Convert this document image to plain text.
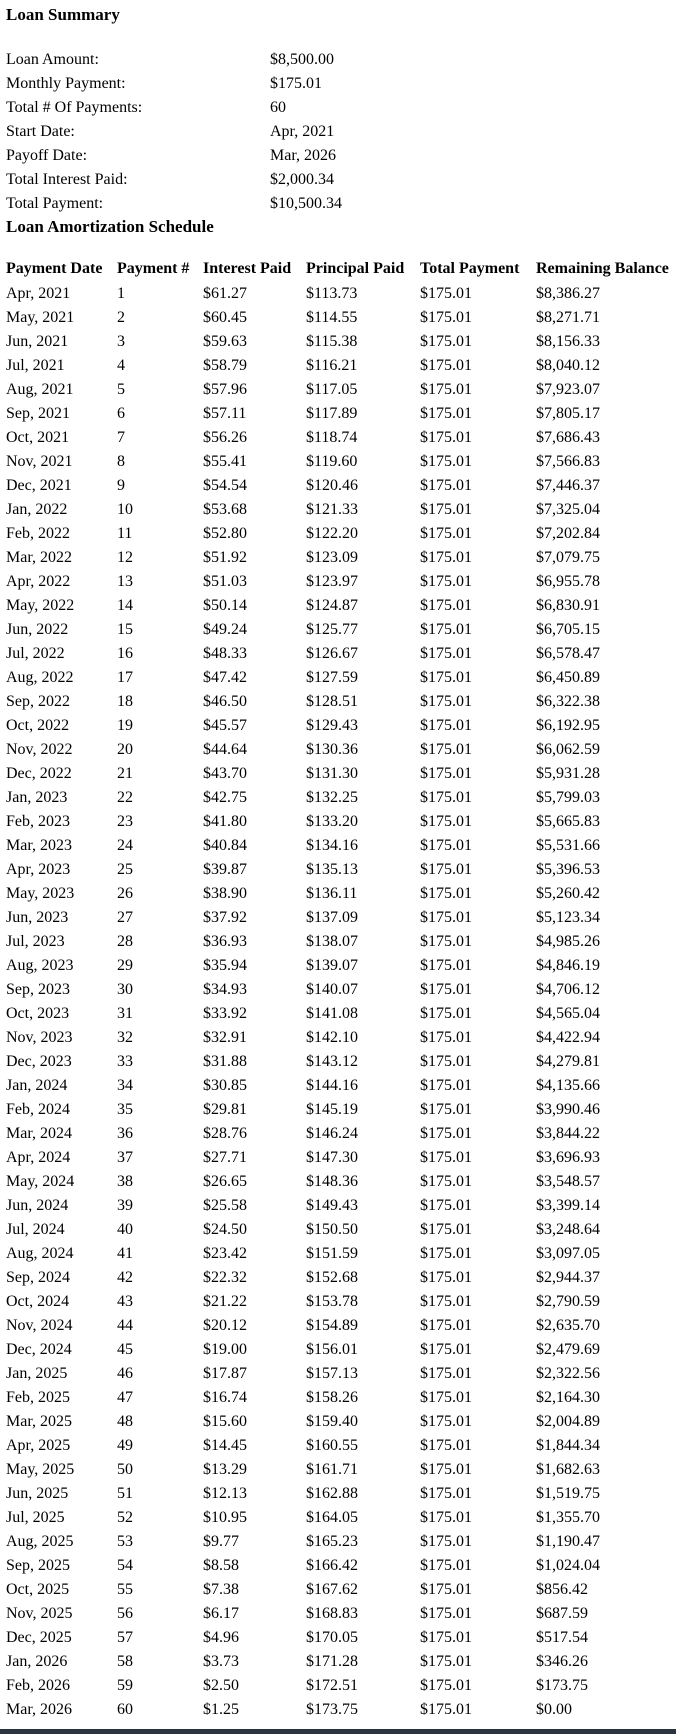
Loan Summary
Loan Amount:	$8,500.00
Monthly Payment:	$175.01
Total # Of Payments:	60
Start Date:	Apr, 2021
Payoff Date:	Mar, 2026
Total Interest Paid:	$2,000.34
Total Payment:	$10,500.34
Loan Amortization Schedule
Payment Date	Payment #	Interest Paid	Principal Paid	Total Payment	Remaining Balance
Apr, 2021	1	$61.27	$113.73	$175.01	$8,386.27
May, 2021	2	$60.45	$114.55	$175.01	$8,271.71
Jun, 2021	3	$59.63	$115.38	$175.01	$8,156.33
Jul, 2021	4	$58.79	$116.21	$175.01	$8,040.12
Aug, 2021	5	$57.96	$117.05	$175.01	$7,923.07
Sep, 2021	6	$57.11	$117.89	$175.01	$7,805.17
Oct, 2021	7	$56.26	$118.74	$175.01	$7,686.43
Nov, 2021	8	$55.41	$119.60	$175.01	$7,566.83
Dec, 2021	9	$54.54	$120.46	$175.01	$7,446.37
Jan, 2022	10	$53.68	$121.33	$175.01	$7,325.04
Feb, 2022	11	$52.80	$122.20	$175.01	$7,202.84
Mar, 2022	12	$51.92	$123.09	$175.01	$7,079.75
Apr, 2022	13	$51.03	$123.97	$175.01	$6,955.78
May, 2022	14	$50.14	$124.87	$175.01	$6,830.91
Jun, 2022	15	$49.24	$125.77	$175.01	$6,705.15
Jul, 2022	16	$48.33	$126.67	$175.01	$6,578.47
Aug, 2022	17	$47.42	$127.59	$175.01	$6,450.89
Sep, 2022	18	$46.50	$128.51	$175.01	$6,322.38
Oct, 2022	19	$45.57	$129.43	$175.01	$6,192.95
Nov, 2022	20	$44.64	$130.36	$175.01	$6,062.59
Dec, 2022	21	$43.70	$131.30	$175.01	$5,931.28
Jan, 2023	22	$42.75	$132.25	$175.01	$5,799.03
Feb, 2023	23	$41.80	$133.20	$175.01	$5,665.83
Mar, 2023	24	$40.84	$134.16	$175.01	$5,531.66
Apr, 2023	25	$39.87	$135.13	$175.01	$5,396.53
May, 2023	26	$38.90	$136.11	$175.01	$5,260.42
Jun, 2023	27	$37.92	$137.09	$175.01	$5,123.34
Jul, 2023	28	$36.93	$138.07	$175.01	$4,985.26
Aug, 2023	29	$35.94	$139.07	$175.01	$4,846.19
Sep, 2023	30	$34.93	$140.07	$175.01	$4,706.12
Oct, 2023	31	$33.92	$141.08	$175.01	$4,565.04
Nov, 2023	32	$32.91	$142.10	$175.01	$4,422.94
Dec, 2023	33	$31.88	$143.12	$175.01	$4,279.81
Jan, 2024	34	$30.85	$144.16	$175.01	$4,135.66
Feb, 2024	35	$29.81	$145.19	$175.01	$3,990.46
Mar, 2024	36	$28.76	$146.24	$175.01	$3,844.22
Apr, 2024	37	$27.71	$147.30	$175.01	$3,696.93
May, 2024	38	$26.65	$148.36	$175.01	$3,548.57
Jun, 2024	39	$25.58	$149.43	$175.01	$3,399.14
Jul, 2024	40	$24.50	$150.50	$175.01	$3,248.64
Aug, 2024	41	$23.42	$151.59	$175.01	$3,097.05
Sep, 2024	42	$22.32	$152.68	$175.01	$2,944.37
Oct, 2024	43	$21.22	$153.78	$175.01	$2,790.59
Nov, 2024	44	$20.12	$154.89	$175.01	$2,635.70
Dec, 2024	45	$19.00	$156.01	$175.01	$2,479.69
Jan, 2025	46	$17.87	$157.13	$175.01	$2,322.56
Feb, 2025	47	$16.74	$158.26	$175.01	$2,164.30
Mar, 2025	48	$15.60	$159.40	$175.01	$2,004.89
Apr, 2025	49	$14.45	$160.55	$175.01	$1,844.34
May, 2025	50	$13.29	$161.71	$175.01	$1,682.63
Jun, 2025	51	$12.13	$162.88	$175.01	$1,519.75
Jul, 2025	52	$10.95	$164.05	$175.01	$1,355.70
Aug, 2025	53	$9.77	$165.23	$175.01	$1,190.47
Sep, 2025	54	$8.58	$166.42	$175.01	$1,024.04
Oct, 2025	55	$7.38	$167.62	$175.01	$856.42
Nov, 2025	56	$6.17	$168.83	$175.01	$687.59
Dec, 2025	57	$4.96	$170.05	$175.01	$517.54
Jan, 2026	58	$3.73	$171.28	$175.01	$346.26
Feb, 2026	59	$2.50	$172.51	$175.01	$173.75
Mar, 2026	60	$1.25	$173.75	$175.01	$0.00
